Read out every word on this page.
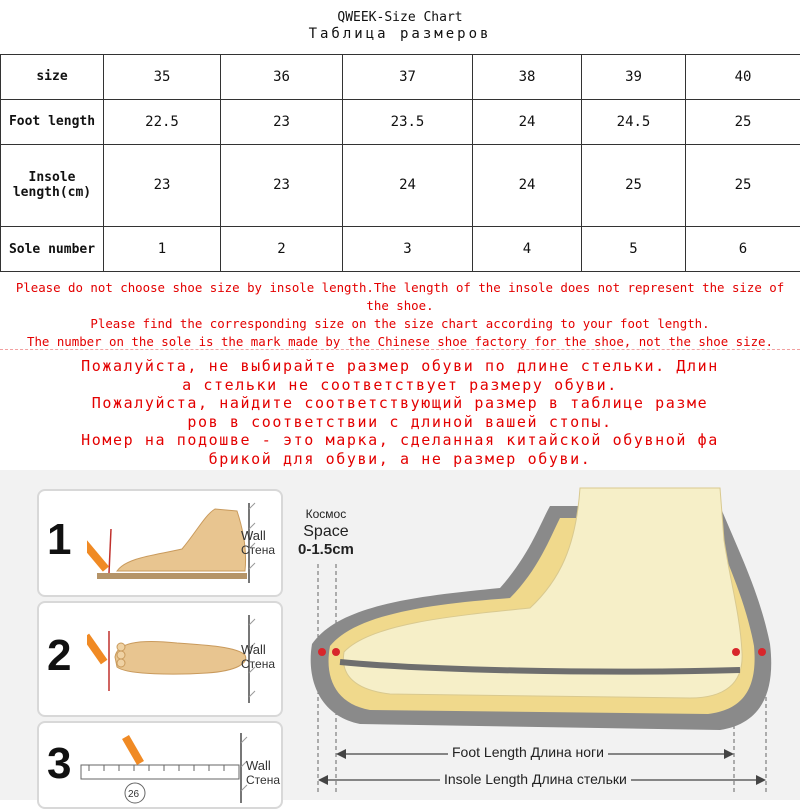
QWEEK-Size Chart
Таблица размеров
size	35	36	37	38	39	40
Foot length	22.5	23	23.5	24	24.5	25
Insole
length(cm)	23	23	24	24	25	25
Sole number	1	2	3	4	5	6
Please do not choose shoe size by insole length.The length of the insole does not represent the size of
the shoe.
Please find the corresponding size on the size chart according to your foot length.
The number on the sole is the mark made by the Chinese shoe factory for the shoe, not the shoe size.
Пожалуйста, не выбирайте размер обуви по длине стельки. Длин
а стельки не соответствует размеру обуви.
Пожалуйста, найдите соответствующий размер в таблице разме
ров в соответствии с длиной вашей стопы.
Номер на подошве - это марка, сделанная китайской обувной фа
брикой для обуви, а не размер обуви.
1	Wall
Стена
2	Wall
Стена
3
26
Wall
Стена
Космос
Space
0-1.5cm
Foot Length Длина ноги
Insole Length Длина стельки
